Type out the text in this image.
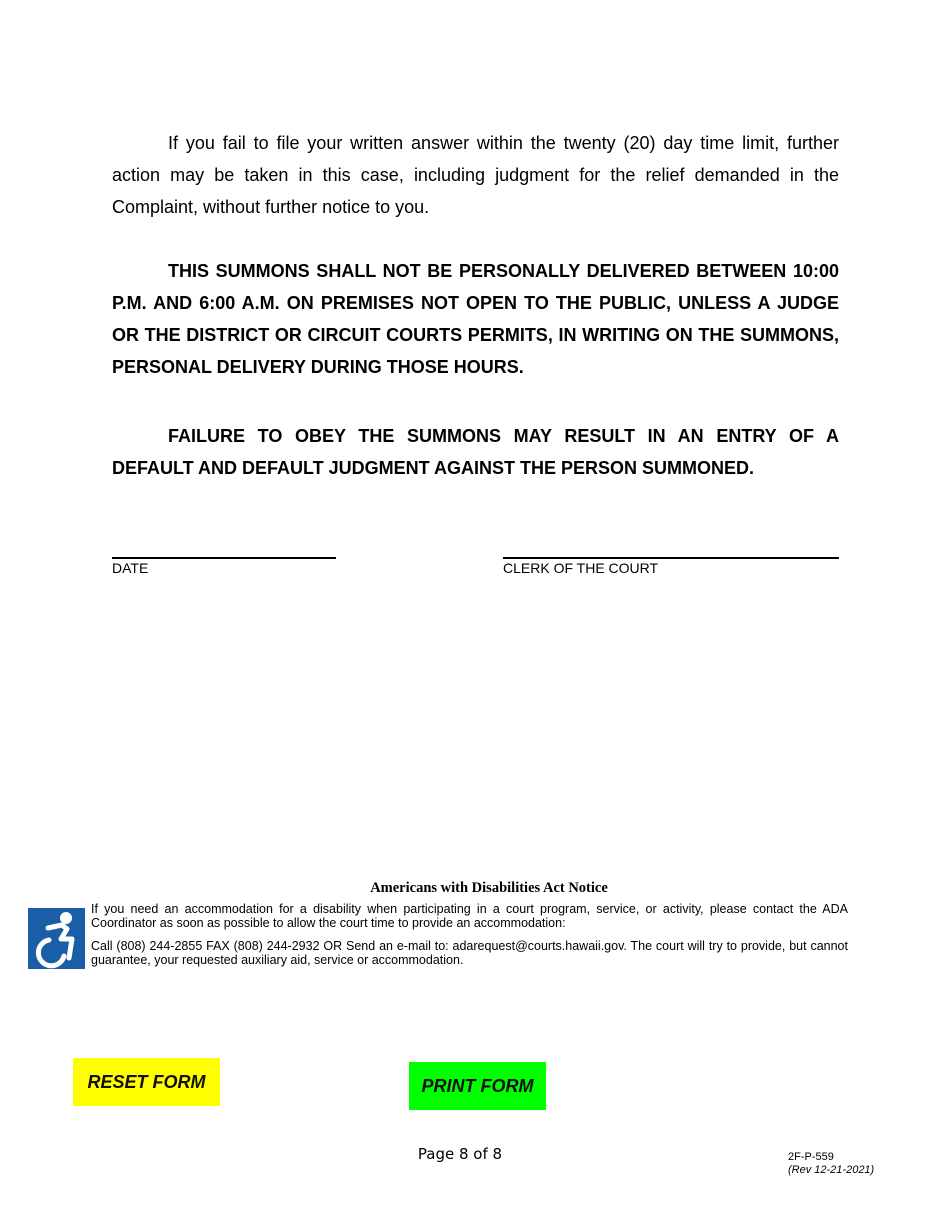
If you fail to file your written answer within the twenty (20) day time limit, further action may be taken in this case, including judgment for the relief demanded in the Complaint, without further notice to you.

THIS SUMMONS SHALL NOT BE PERSONALLY DELIVERED BETWEEN 10:00 P.M. AND 6:00 A.M. ON PREMISES NOT OPEN TO THE PUBLIC, UNLESS A JUDGE OR THE DISTRICT OR CIRCUIT COURTS PERMITS, IN WRITING ON THE SUMMONS, PERSONAL DELIVERY DURING THOSE HOURS.

FAILURE TO OBEY THE SUMMONS MAY RESULT IN AN ENTRY OF A DEFAULT AND DEFAULT JUDGMENT AGAINST THE PERSON SUMMONED.

DATE	CLERK OF THE COURT
Americans with Disabilities Act Notice

If you need an accommodation for a disability when participating in a court program, service, or activity, please contact the ADA Coordinator as soon as possible to allow the court time to provide an accommodation:

Call (808) 244-2855 FAX (808) 244-2932 OR Send an e-mail to: adarequest@courts.hawaii.gov. The court will try to provide, but cannot guarantee, your requested auxiliary aid, service or accommodation.

RESET FORM	PRINT FORM
Page 8 of 8	2F-P-559
(Rev 12-21-2021)
